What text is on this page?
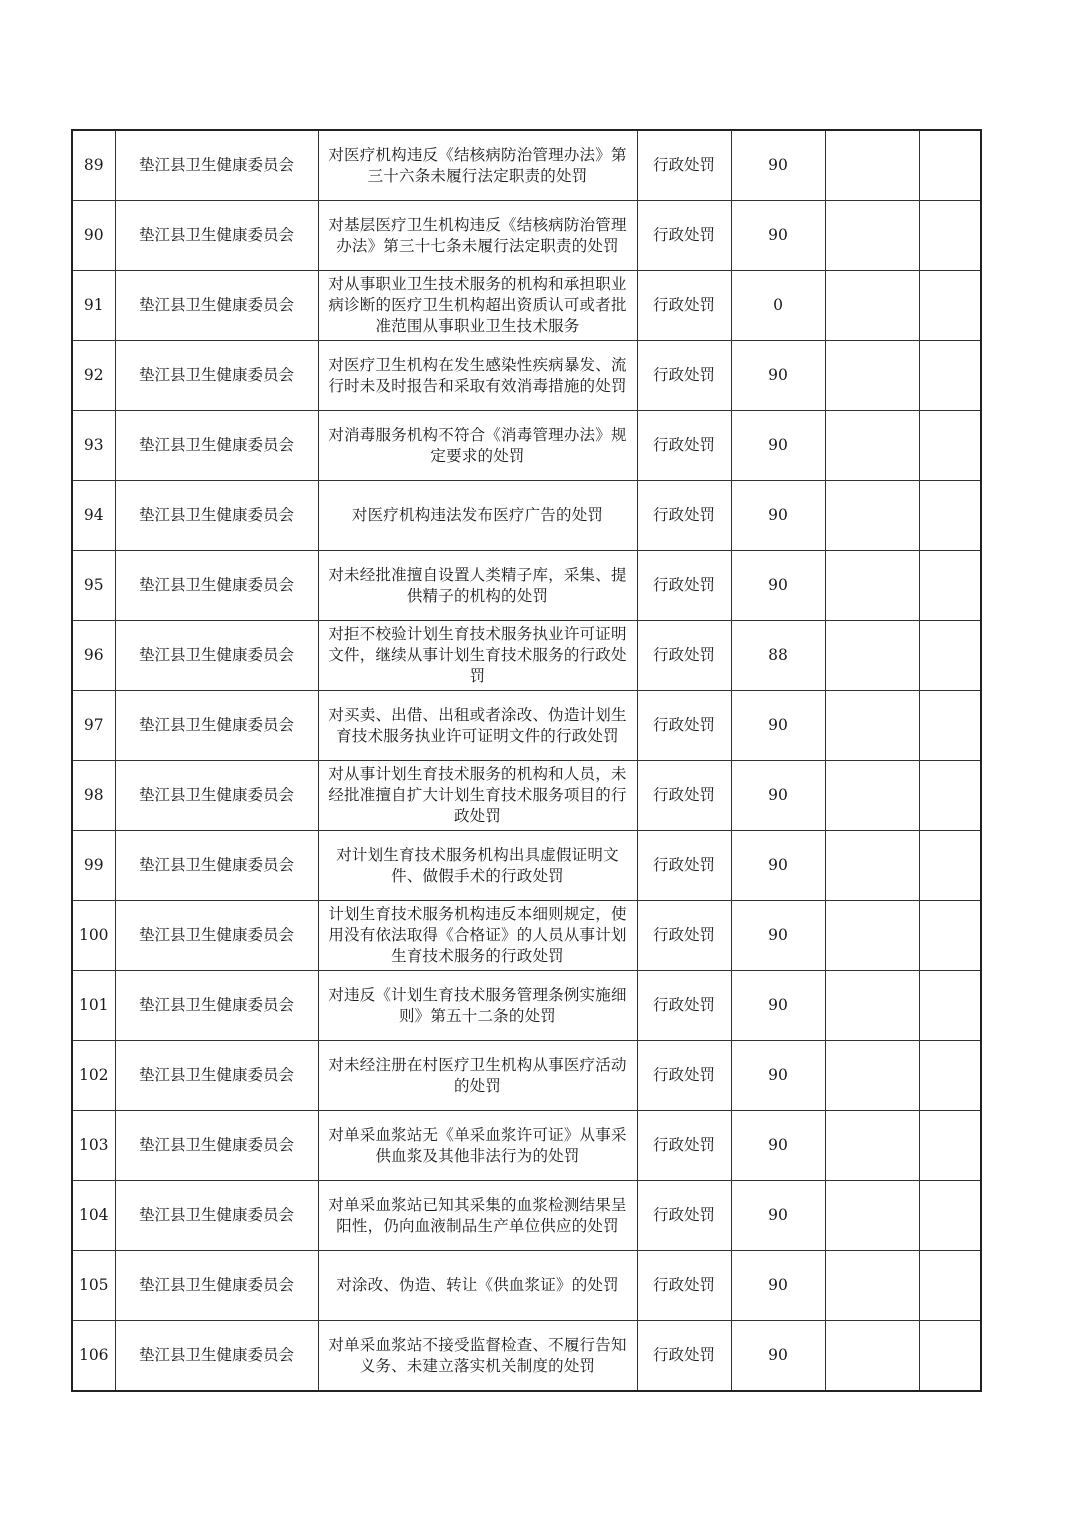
89	垫江县卫生健康委员会	对医疗机构违反《结核病防治管理办法》第三十六条未履行法定职责的处罚	行政处罚	90		
90	垫江县卫生健康委员会	对基层医疗卫生机构违反《结核病防治管理办法》第三十七条未履行法定职责的处罚	行政处罚	90		
91	垫江县卫生健康委员会	对从事职业卫生技术服务的机构和承担职业病诊断的医疗卫生机构超出资质认可或者批准范围从事职业卫生技术服务	行政处罚	0		
92	垫江县卫生健康委员会	对医疗卫生机构在发生感染性疾病暴发、流行时未及时报告和采取有效消毒措施的处罚	行政处罚	90		
93	垫江县卫生健康委员会	对消毒服务机构不符合《消毒管理办法》规定要求的处罚	行政处罚	90		
94	垫江县卫生健康委员会	对医疗机构违法发布医疗广告的处罚	行政处罚	90		
95	垫江县卫生健康委员会	对未经批准擅自设置人类精子库，采集、提供精子的机构的处罚	行政处罚	90		
96	垫江县卫生健康委员会	对拒不校验计划生育技术服务执业许可证明文件，继续从事计划生育技术服务的行政处罚	行政处罚	88		
97	垫江县卫生健康委员会	对买卖、出借、出租或者涂改、伪造计划生育技术服务执业许可证明文件的行政处罚	行政处罚	90		
98	垫江县卫生健康委员会	对从事计划生育技术服务的机构和人员，未经批准擅自扩大计划生育技术服务项目的行政处罚	行政处罚	90		
99	垫江县卫生健康委员会	对计划生育技术服务机构出具虚假证明文件、做假手术的行政处罚	行政处罚	90		
100	垫江县卫生健康委员会	计划生育技术服务机构违反本细则规定，使用没有依法取得《合格证》的人员从事计划生育技术服务的行政处罚	行政处罚	90		
101	垫江县卫生健康委员会	对违反《计划生育技术服务管理条例实施细则》第五十二条的处罚	行政处罚	90		
102	垫江县卫生健康委员会	对未经注册在村医疗卫生机构从事医疗活动的处罚	行政处罚	90		
103	垫江县卫生健康委员会	对单采血浆站无《单采血浆许可证》从事采供血浆及其他非法行为的处罚	行政处罚	90		
104	垫江县卫生健康委员会	对单采血浆站已知其采集的血浆检测结果呈阳性，仍向血液制品生产单位供应的处罚	行政处罚	90		
105	垫江县卫生健康委员会	对涂改、伪造、转让《供血浆证》的处罚	行政处罚	90		
106	垫江县卫生健康委员会	对单采血浆站不接受监督检查、不履行告知义务、未建立落实机关制度的处罚	行政处罚	90		
